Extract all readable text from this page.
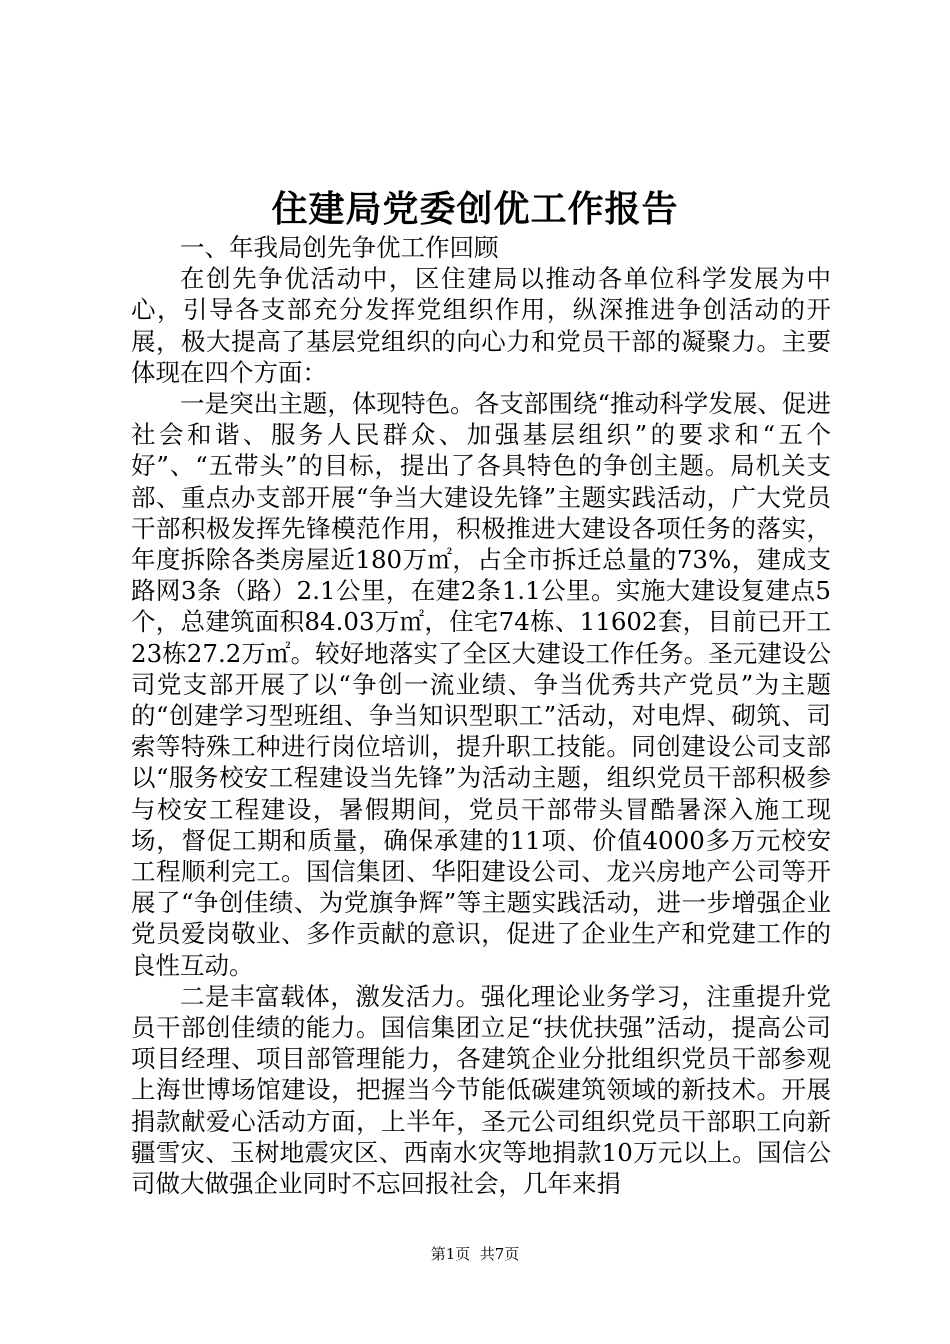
住建局党委创优工作报告

一、年我局创先争优工作回顾

在创先争优活动中，区住建局以推动各单位科学发展为中心，引导各支部充分发挥党组织作用，纵深推进争创活动的开展，极大提高了基层党组织的向心力和党员干部的凝聚力。主要体现在四个方面：

一是突出主题，体现特色。各支部围绕“推动科学发展、促进社会和谐、服务人民群众、加强基层组织”的要求和“五个好”、“五带头”的目标，提出了各具特色的争创主题。局机关支部、重点办支部开展“争当大建设先锋”主题实践活动，广大党员干部积极发挥先锋模范作用，积极推进大建设各项任务的落实，年度拆除各类房屋近180万㎡，占全市拆迁总量的73%，建成支路网3条（路）2.1公里，在建2条1.1公里。实施大建设复建点5个，总建筑面积84.03万㎡，住宅74栋、11602套，目前已开工23栋27.2万㎡。较好地落实了全区大建设工作任务。圣元建设公司党支部开展了以“争创一流业绩、争当优秀共产党员”为主题的“创建学习型班组、争当知识型职工”活动，对电焊、砌筑、司索等特殊工种进行岗位培训，提升职工技能。同创建设公司支部以“服务校安工程建设当先锋”为活动主题，组织党员干部积极参与校安工程建设，暑假期间，党员干部带头冒酷暑深入施工现场，督促工期和质量，确保承建的11项、价值4000多万元校安工程顺利完工。国信集团、华阳建设公司、龙兴房地产公司等开展了“争创佳绩、为党旗争辉”等主题实践活动，进一步增强企业党员爱岗敬业、多作贡献的意识，促进了企业生产和党建工作的良性互动。

二是丰富载体，激发活力。强化理论业务学习，注重提升党员干部创佳绩的能力。国信集团立足“扶优扶强”活动，提高公司项目经理、项目部管理能力，各建筑企业分批组织党员干部参观上海世博场馆建设，把握当今节能低碳建筑领域的新技术。开展捐款献爱心活动方面，上半年，圣元公司组织党员干部职工向新疆雪灾、玉树地震灾区、西南水灾等地捐款10万元以上。国信公司做大做强企业同时不忘回报社会，几年来捐

第1页  共7页
